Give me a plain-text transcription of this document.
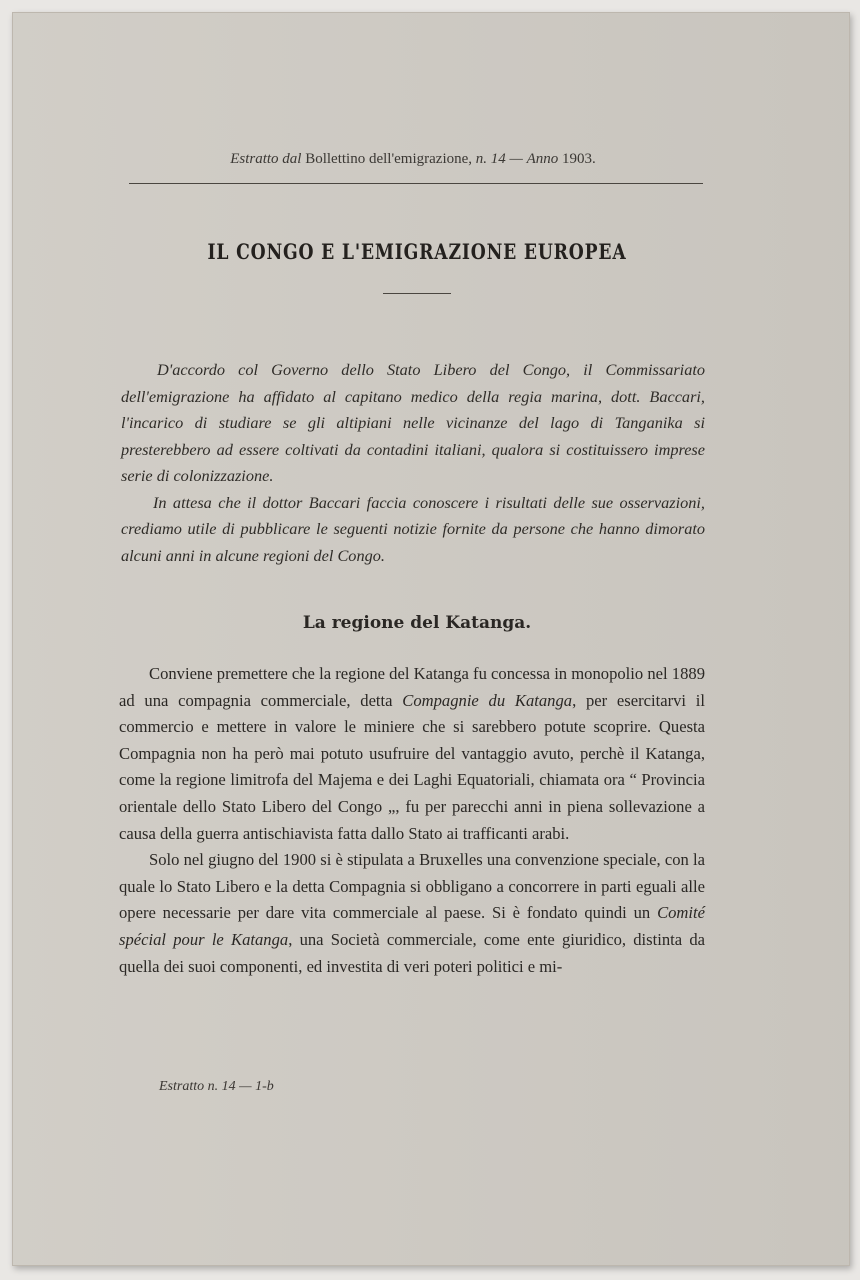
Estratto dal Bollettino dell'emigrazione, n. 14 — Anno 1903.
IL CONGO E L'EMIGRAZIONE EUROPEA

D'accordo col Governo dello Stato Libero del Congo, il Commissariato dell'emigrazione ha affidato al capitano medico della regia marina, dott. Baccari, l'incarico di studiare se gli altipiani nelle vicinanze del lago di Tanganika si presterebbero ad essere coltivati da contadini italiani, qualora si costituissero imprese serie di colonizzazione.

In attesa che il dottor Baccari faccia conoscere i risultati delle sue osservazioni, crediamo utile di pubblicare le seguenti notizie fornite da persone che hanno dimorato alcuni anni in alcune regioni del Congo.

La regione del Katanga.

Conviene premettere che la regione del Katanga fu concessa in monopolio nel 1889 ad una compagnia commerciale, detta Compagnie du Katanga, per esercitarvi il commercio e mettere in valore le miniere che si sarebbero potute scoprire. Questa Compagnia non ha però mai potuto usufruire del vantaggio avuto, perchè il Katanga, come la regione limitrofa del Majema e dei Laghi Equatoriali, chiamata ora “ Provincia orientale dello Stato Libero del Congo „, fu per parecchi anni in piena sollevazione a causa della guerra antischiavista fatta dallo Stato ai trafficanti arabi.

Solo nel giugno del 1900 si è stipulata a Bruxelles una convenzione speciale, con la quale lo Stato Libero e la detta Compagnia si obbligano a concorrere in parti eguali alle opere necessarie per dare vita commerciale al paese. Si è fondato quindi un Comité spécial pour le Katanga, una Società commerciale, come ente giuridico, distinta da quella dei suoi componenti, ed investita di veri poteri politici e mi-

Estratto n. 14 — 1-b
